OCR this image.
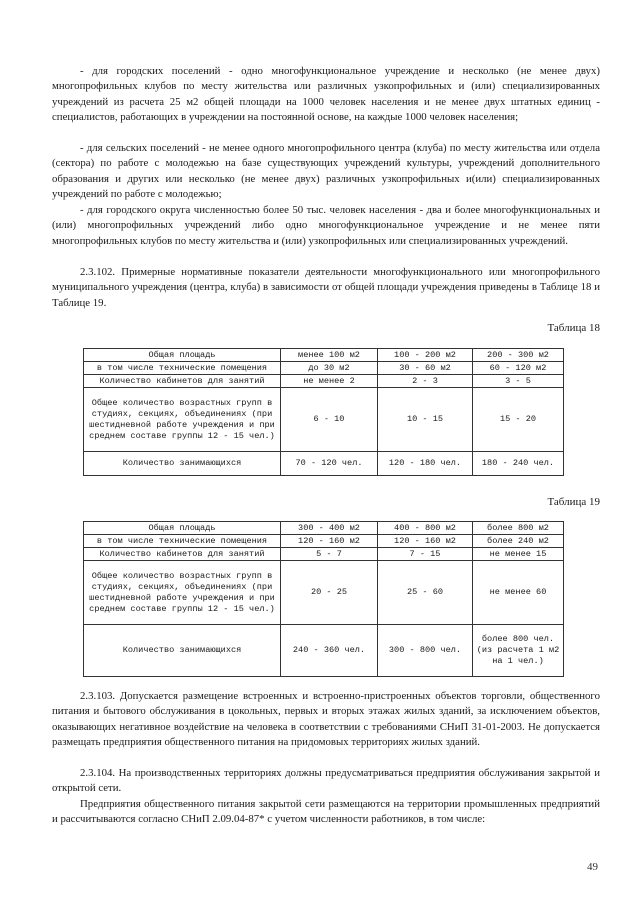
- для городских поселений - одно многофункциональное учреждение и несколько (не менее двух) многопрофильных клубов по месту жительства или различных узкопрофильных и (или) специализированных учреждений из расчета 25 м2 общей площади на 1000 человек населения и не менее двух штатных единиц - специалистов, работающих в учреждении на постоянной основе, на каждые 1000 человек населения;

- для сельских поселений - не менее одного многопрофильного центра (клуба) по месту жительства или отдела (сектора) по работе с молодежью на базе существующих учреждений культуры, учреждений дополнительного образования и других или несколько (не менее двух) различных узкопрофильных и(или) специализированных учреждений по работе с молодежью;

- для городского округа численностью более 50 тыс. человек населения - два и более многофункциональных и (или) многопрофильных учреждений либо одно многофункциональное учреждение и не менее пяти многопрофильных клубов по месту жительства и (или) узкопрофильных или специализированных учреждений.

2.3.102. Примерные нормативные показатели деятельности многофункционального или многопрофильного муниципального учреждения (центра, клуба) в зависимости от общей площади учреждения приведены в Таблице 18 и Таблице 19.

Таблица 18

Общая площадь	менее 100 м2	100 - 200 м2	200 - 300 м2
в том числе технические помещения	до 30 м2	30 - 60 м2	60 - 120 м2
Количество кабинетов для занятий	не менее 2	2 - 3	3 - 5
Общее количество возрастных групп в студиях, секциях, объединениях (при шестидневной работе учреждения и при среднем составе группы 12 - 15 чел.)	6 - 10	10 - 15	15 - 20
Количество занимающихся	70 - 120 чел.	120 - 180 чел.	180 - 240 чел.

Таблица 19

Общая площадь	300 - 400 м2	400 - 800 м2	более 800 м2
в том числе технические помещения	120 - 160 м2	120 - 160 м2	более 240 м2
Количество кабинетов для занятий	5 - 7	7 - 15	не менее 15
Общее количество возрастных групп в студиях, секциях, объединениях (при шестидневной работе учреждения и при среднем составе группы 12 - 15 чел.)	20 - 25	25 - 60	не менее 60
Количество занимающихся	240 - 360 чел.	300 - 800 чел.	более 800 чел. (из расчета 1 м2 на 1 чел.)

2.3.103. Допускается размещение встроенных и встроенно-пристроенных объектов торговли, общественного питания и бытового обслуживания в цокольных, первых и вторых этажах жилых зданий, за исключением объектов, оказывающих негативное воздействие на человека в соответствии с требованиями СНиП 31-01-2003. Не допускается размещать предприятия общественного питания на придомовых территориях жилых зданий.

2.3.104. На производственных территориях должны предусматриваться предприятия обслуживания закрытой и открытой сети.

Предприятия общественного питания закрытой сети размещаются на территории промышленных предприятий и рассчитываются согласно СНиП 2.09.04-87* с учетом численности работников, в том числе:

49
